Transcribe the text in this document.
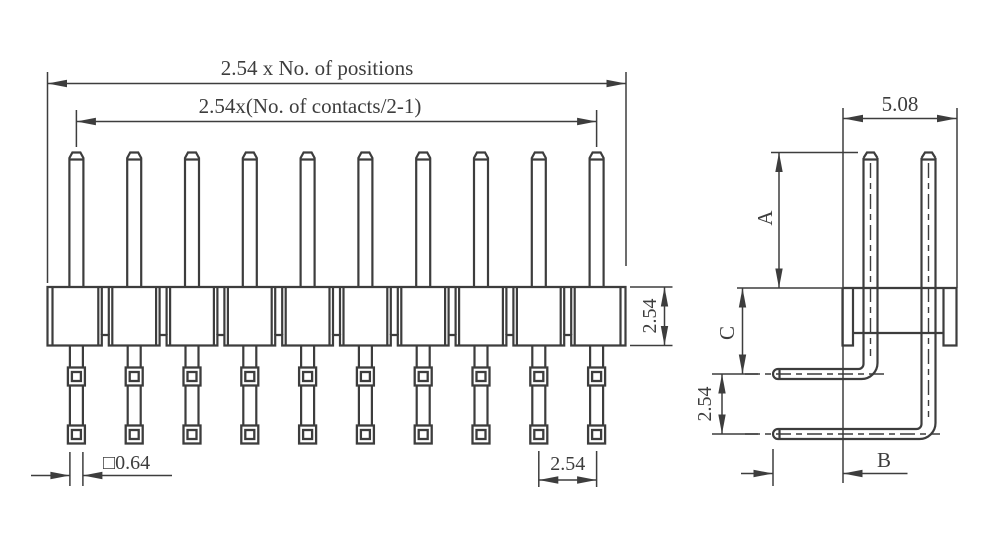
2.54 x No. of positions
2.54x(No. of contacts/2-1)
2.54
□0.64	2.54
5.08
A
C
2.54
B
